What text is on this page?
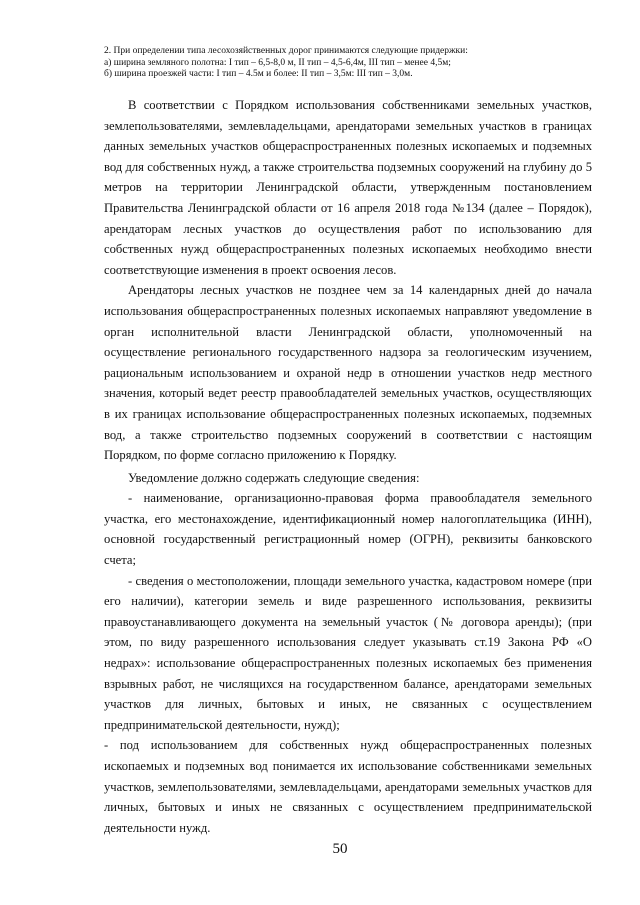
2. При определении типа лесохозяйственных дорог принимаются следующие придержки:

а) ширина земляного полотна: I тип – 6,5-8,0 м, II тип – 4,5-6,4м, III тип – менее 4,5м;

б) ширина проезжей части: I тип – 4.5м и более: II тип – 3,5м: III тип – 3,0м.

В соответствии с Порядком использования собственниками земельных участков, землепользователями, землевладельцами, арендаторами земельных участков в границах данных земельных участков общераспространенных полезных ископаемых и подземных вод для собственных нужд, а также строительства подземных сооружений на глубину до 5 метров на территории Ленинградской области, утвержденным постановлением Правительства Ленинградской области от 16 апреля 2018 года №134 (далее – Порядок), арендаторам лесных участков до осуществления работ по использованию для собственных нужд общераспространенных полезных ископаемых необходимо внести соответствующие изменения в проект освоения лесов.

Арендаторы лесных участков не позднее чем за 14 календарных дней до начала использования общераспространенных полезных ископаемых направляют уведомление в орган исполнительной власти Ленинградской области, уполномоченный на осуществление регионального государственного надзора за геологическим изучением, рациональным использованием и охраной недр в отношении участков недр местного значения, который ведет реестр правообладателей земельных участков, осуществляющих в их границах использование общераспространенных полезных ископаемых, подземных вод, а также строительство подземных сооружений в соответствии с настоящим Порядком, по форме согласно приложению к Порядку.

Уведомление должно содержать следующие сведения:

- наименование, организационно-правовая форма правообладателя земельного участка, его местонахождение, идентификационный номер налогоплательщика (ИНН), основной государственный регистрационный номер (ОГРН), реквизиты банковского счета;

- сведения о местоположении, площади земельного участка, кадастровом номере (при его наличии), категории земель и виде разрешенного использования, реквизиты правоустанавливающего документа на земельный участок (№ договора аренды); (при этом, по виду разрешенного использования следует указывать ст.19 Закона РФ «О недрах»: использование общераспространенных полезных ископаемых без применения взрывных работ, не числящихся на государственном балансе, арендаторами земельных участков для личных, бытовых и иных, не связанных с осуществлением предпринимательской деятельности, нужд);

- под использованием для собственных нужд общераспространенных полезных ископаемых и подземных вод понимается их использование собственниками земельных участков, землепользователями, землевладельцами, арендаторами земельных участков для личных, бытовых и иных не связанных с осуществлением предпринимательской деятельности нужд.

50
